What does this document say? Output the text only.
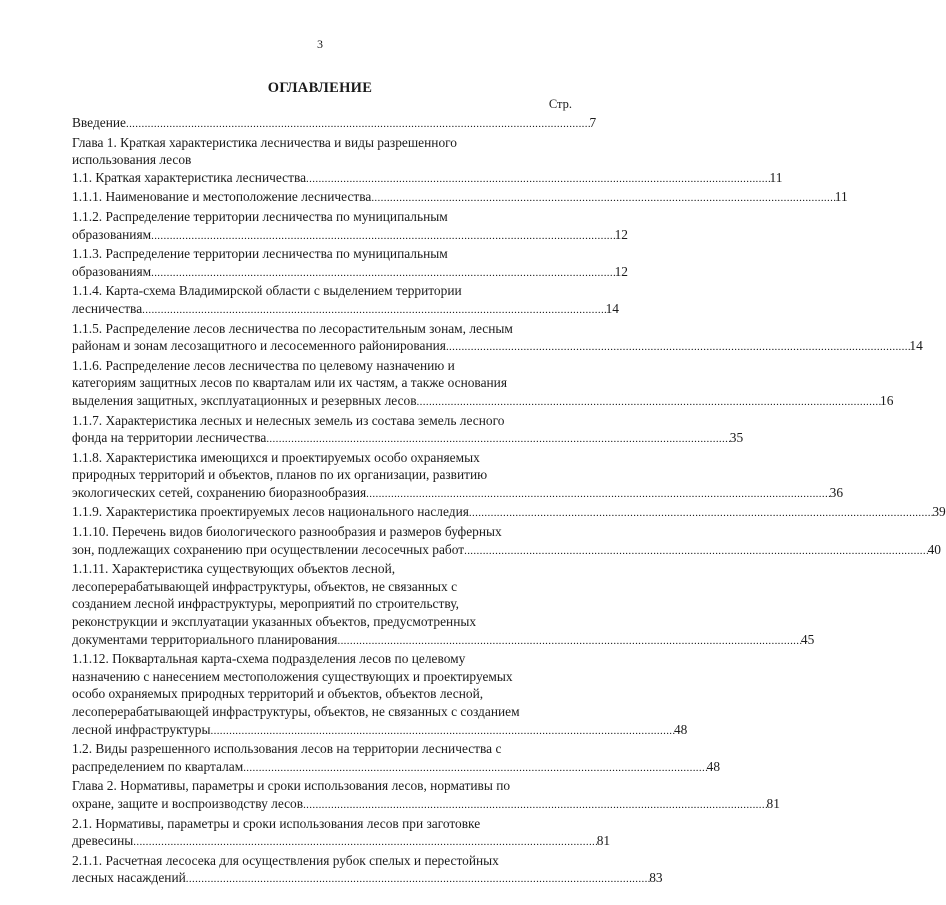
3
ОГЛАВЛЕНИЕ
Стр.
Введение . . .	7
Глава 1. Краткая характеристика лесничества и виды разрешенного
использования лесов
1.1. Краткая характеристика лесничества . . .	11
1.1.1. Наименование и местоположение лесничества . . .	11
1.1.2. Распределение территории лесничества по муниципальным
образованиям . . .	12
1.1.3. Распределение территории лесничества по муниципальным
образованиям . . .	12
1.1.4. Карта-схема Владимирской области с выделением территории
лесничества . . .	14
1.1.5. Распределение лесов лесничества по лесорастительным зонам, лесным
районам и зонам лесозащитного и лесосеменного районирования . . .	14
1.1.6. Распределение лесов лесничества по целевому назначению и
категориям защитных лесов по кварталам или их частям, а также основания
выделения защитных, эксплуатационных и резервных лесов . . .	16
1.1.7. Характеристика лесных и нелесных земель из состава земель лесного
фонда на территории лесничества . . .	35
1.1.8. Характеристика имеющихся и проектируемых особо охраняемых
природных территорий и объектов, планов по их организации, развитию
экологических сетей, сохранению биоразнообразия . . .	36
1.1.9. Характеристика проектируемых лесов национального наследия . . .	39
1.1.10. Перечень видов биологического разнообразия и размеров буферных
зон, подлежащих сохранению при осуществлении лесосечных работ . . .	40
1.1.11. Характеристика существующих объектов лесной,
лесоперерабатывающей инфраструктуры, объектов, не связанных с
созданием лесной инфраструктуры, мероприятий по строительству,
реконструкции и эксплуатации указанных объектов, предусмотренных
документами территориального планирования . . .	45
1.1.12. Поквартальная карта-схема подразделения лесов по целевому
назначению с нанесением местоположения существующих и проектируемых
особо охраняемых природных территорий и объектов, объектов лесной,
лесоперерабатывающей инфраструктуры, объектов, не связанных с созданием
лесной инфраструктуры . . .	48
1.2. Виды разрешенного использования лесов на территории лесничества с
распределением по кварталам . . .	48
Глава 2. Нормативы, параметры и сроки использования лесов, нормативы по
охране, защите и воспроизводству лесов . . .	81
2.1. Нормативы, параметры и сроки использования лесов при заготовке
древесины . . .	81
2.1.1. Расчетная лесосека для осуществления рубок спелых и перестойных
лесных насаждений . . .	83
